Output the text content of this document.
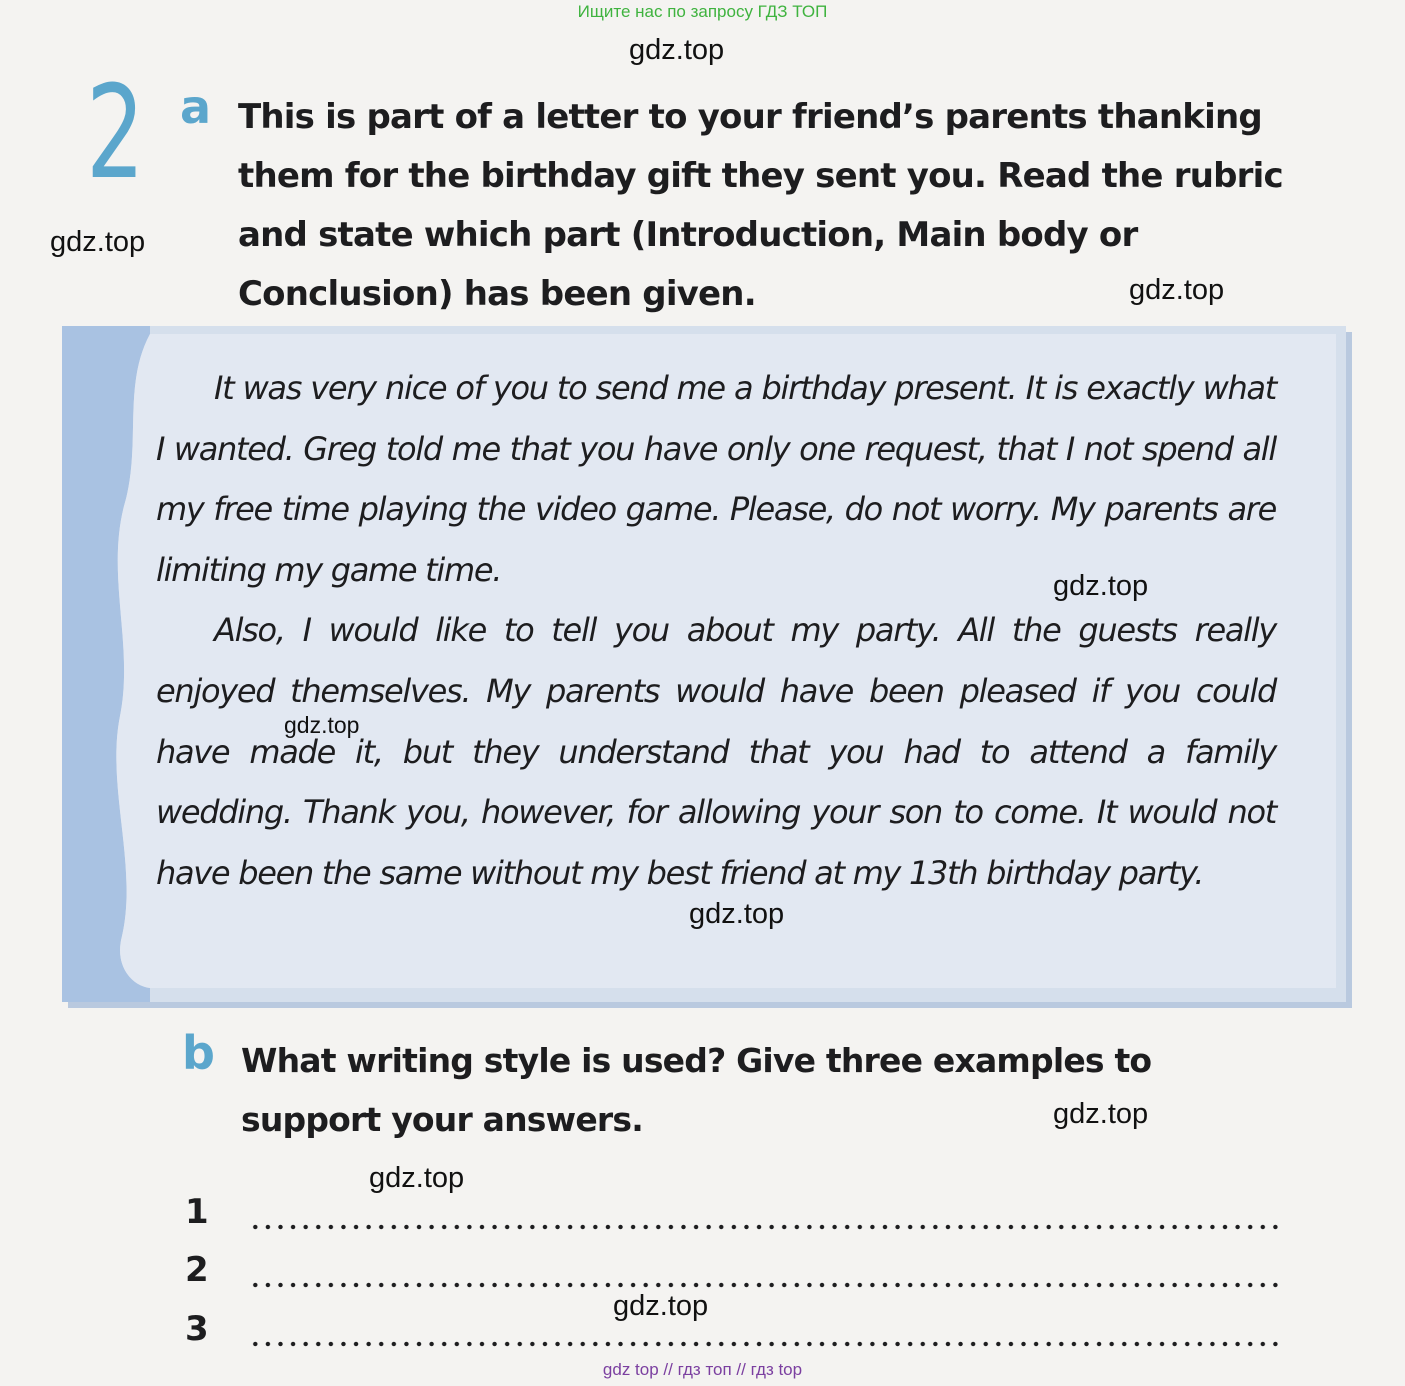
Ищите нас по запросу ГДЗ ТОП
gdz.top
2 a This is part of a letter to your friend’s parents thanking them for the birthday gift they sent you. Read the rubric and state which part (Introduction, Main body or Conclusion) has been given.

gdz.top
gdz.top

It was very nice of you to send me a birthday present. It is exactly what I wanted. Greg told me that you have only one request, that I not spend all my free time playing the video game. Please, do not worry. My parents are limiting my game time.

Also, I would like to tell you about my party. All the guests really enjoyed themselves. My parents would have been pleased if you could have made it, but they understand that you had to attend a family wedding. Thank you, however, for allowing your son to come. It would not have been the same without my best friend at my 13th birthday party.

gdz.top
gdz.top
gdz.top
b What writing style is used? Give three examples to support your answers.	gdz.top
gdz.top
1
2
3
gdz.top
gdz top // гдз топ // гдз top
